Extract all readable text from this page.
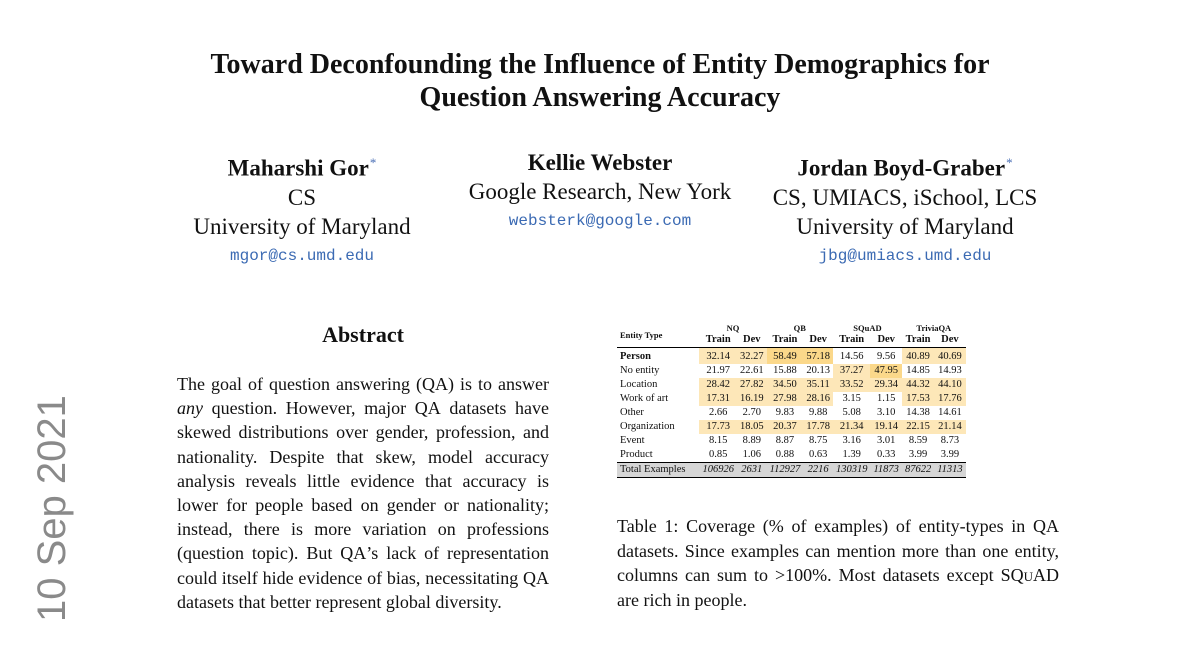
Toward Deconfounding the Influence of Entity Demographics for
Question Answering Accuracy
Maharshi Gor*
CS
University of Maryland
mgor@cs.umd.edu
Kellie Webster
Google Research, New York
websterk@google.com
Jordan Boyd-Graber*
CS, UMIACS, iSchool, LCS
University of Maryland
jbg@umiacs.umd.edu
10 Sep 2021
Abstract
The goal of question answering (QA) is to answer any question. However, major QA datasets have skewed distributions over gender, profession, and nationality. Despite that skew, model accuracy analysis reveals little evidence that accuracy is lower for people based on gender or nationality; instead, there is more variation on professions (question topic). But QA’s lack of representation could itself hide evidence of bias, necessitating QA datasets that better represent global diversity.
Entity Type	NQ		QB		SQuAD		TriviaQA	
	Train	Dev	Train	Dev	Train	Dev	Train	Dev
Person	32.14	32.27	58.49	57.18	14.56	9.56	40.89	40.69
No entity	21.97	22.61	15.88	20.13	37.27	47.95	14.85	14.93
Location	28.42	27.82	34.50	35.11	33.52	29.34	44.32	44.10
Work of art	17.31	16.19	27.98	28.16	3.15	1.15	17.53	17.76
Other	2.66	2.70	9.83	9.88	5.08	3.10	14.38	14.61
Organization	17.73	18.05	20.37	17.78	21.34	19.14	22.15	21.14
Event	8.15	8.89	8.87	8.75	3.16	3.01	8.59	8.73
Product	0.85	1.06	0.88	0.63	1.39	0.33	3.99	3.99
Total Examples	106926	2631	112927	2216	130319	11873	87622	11313
Table 1: Coverage (% of examples) of entity-types in QA datasets. Since examples can mention more than one entity, columns can sum to >100%. Most datasets except SQuAD are rich in people.
